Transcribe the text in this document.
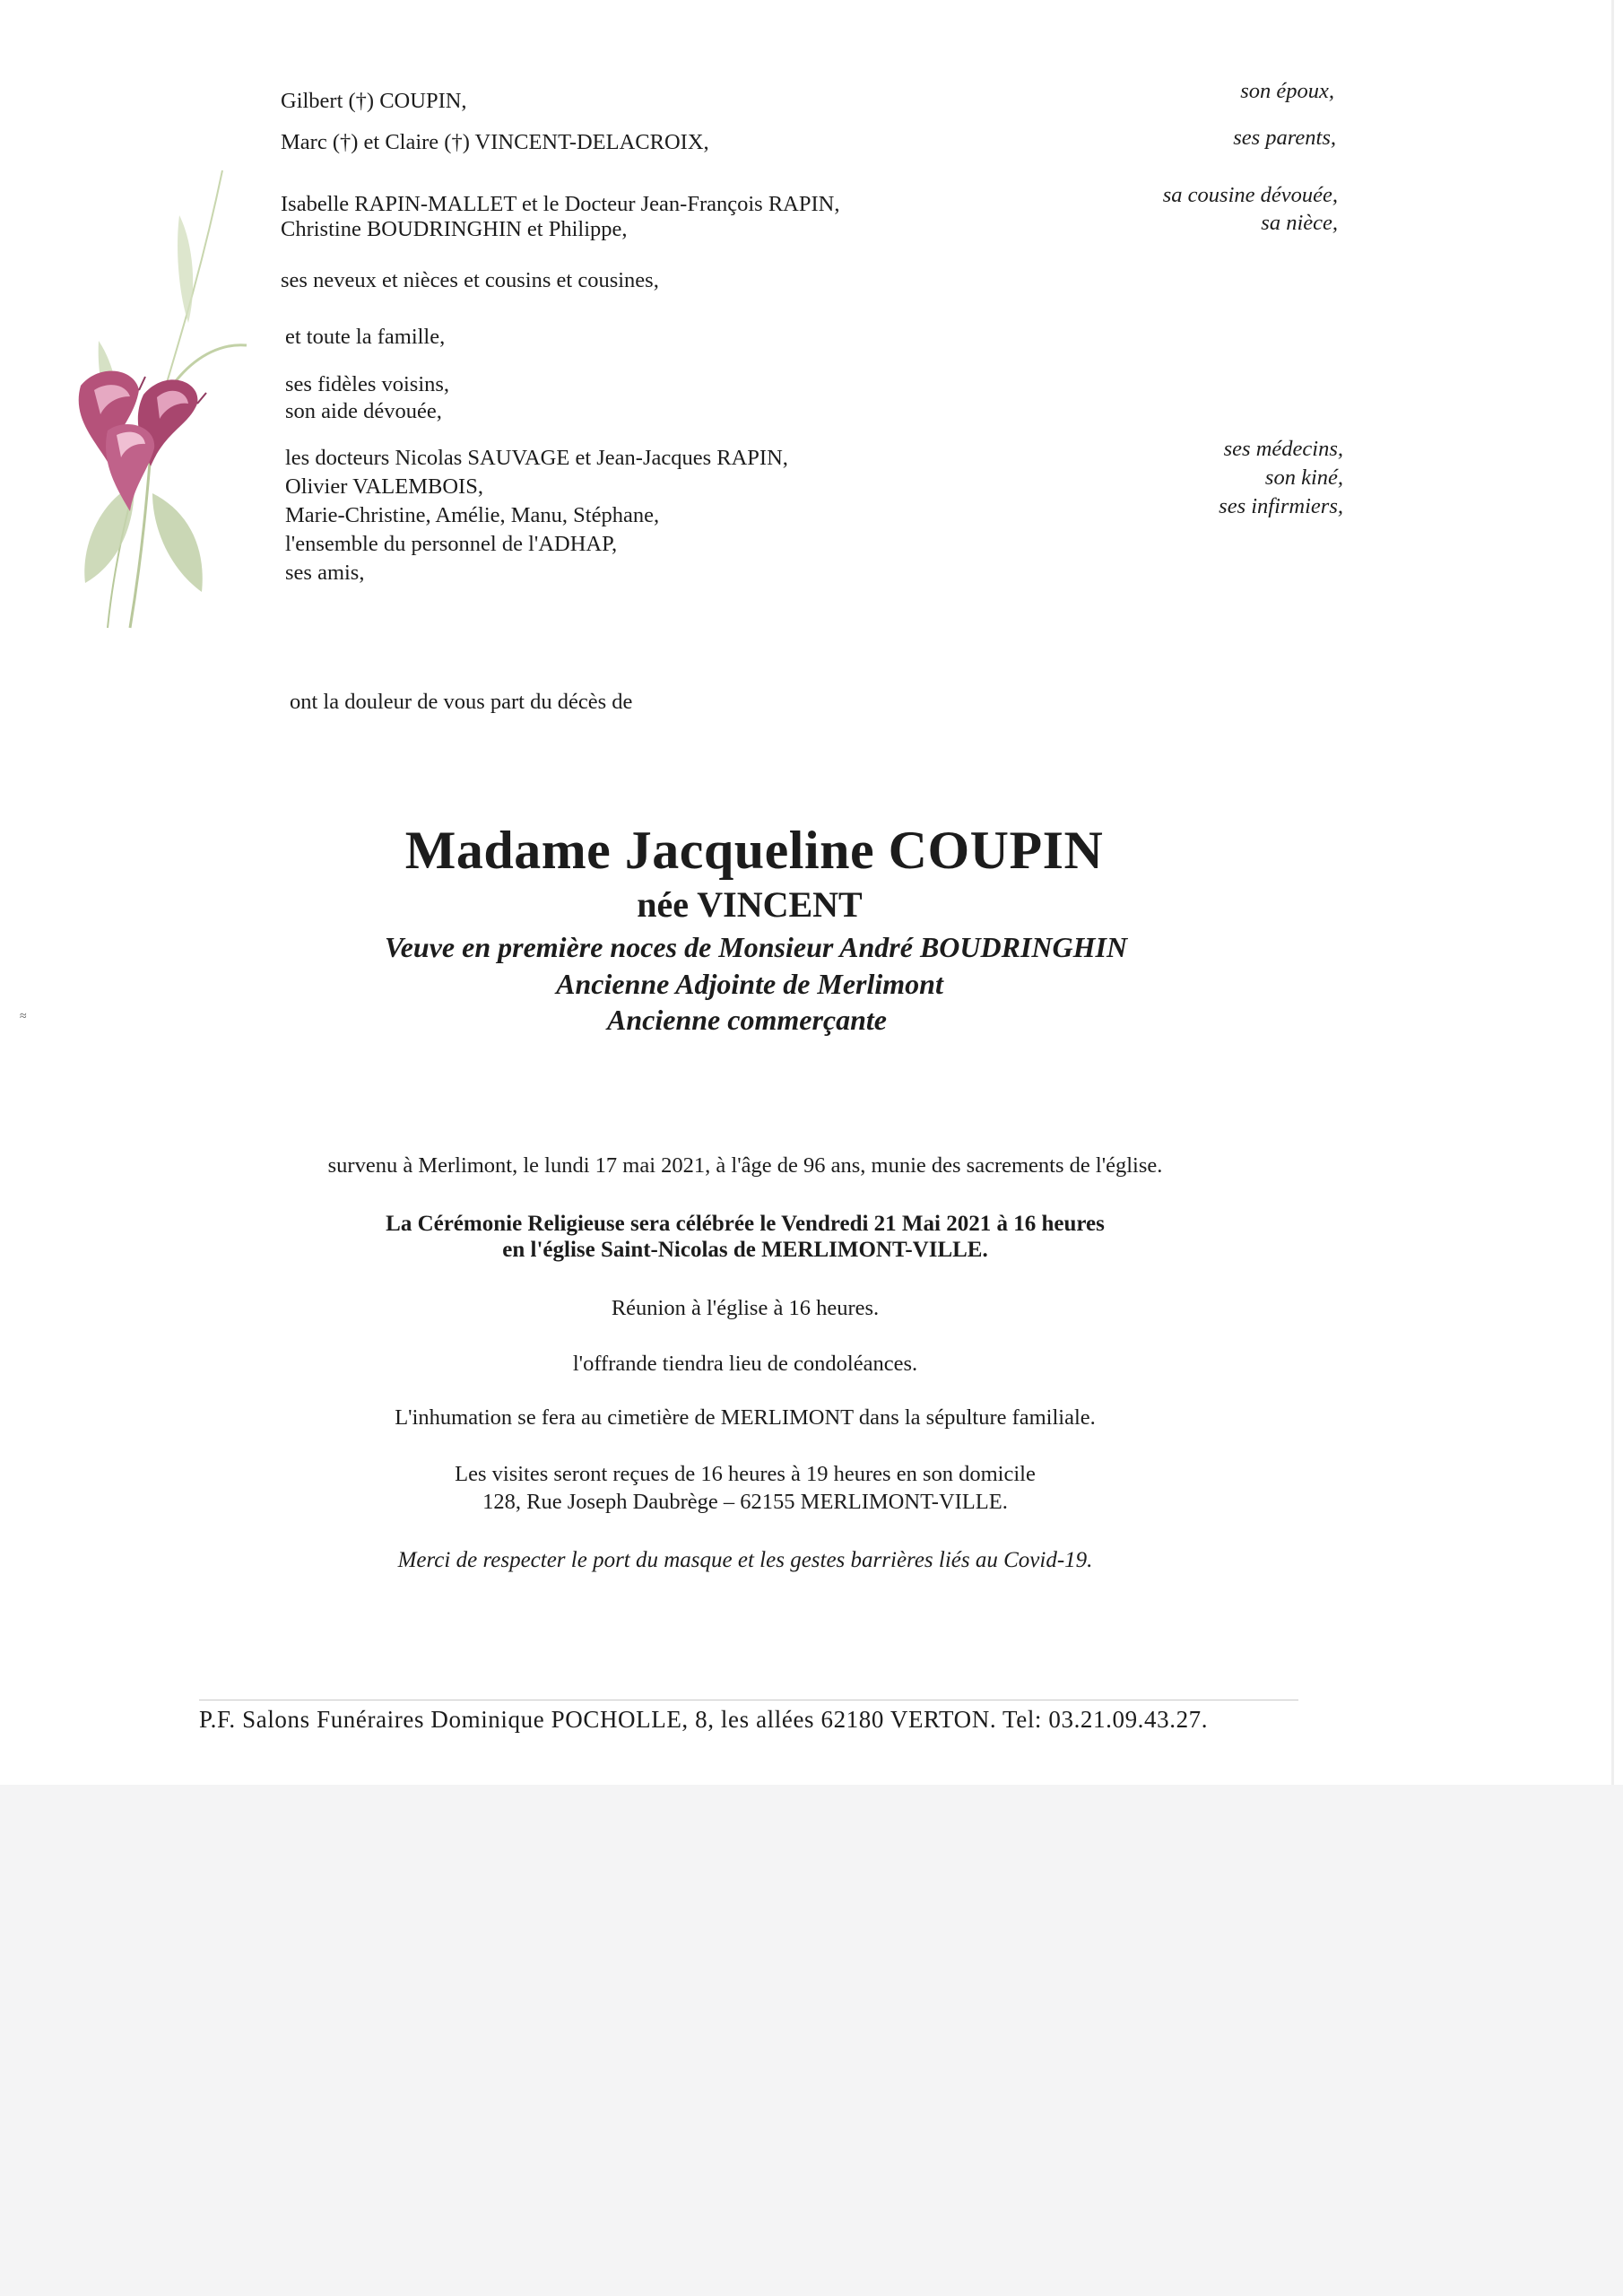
Gilbert (†) COUPIN,
Marc (†) et Claire (†) VINCENT-DELACROIX,
Isabelle RAPIN-MALLET et le Docteur Jean-François RAPIN,
Christine BOUDRINGHIN et Philippe,
ses neveux et nièces et cousins et cousines,
et toute la famille,
ses fidèles voisins,
son aide dévouée,
les docteurs Nicolas SAUVAGE et Jean-Jacques RAPIN,
Olivier VALEMBOIS,
Marie-Christine, Amélie, Manu, Stéphane,
l'ensemble du personnel de l'ADHAP,
ses amis,
son époux,
ses parents,
sa cousine dévouée,
sa nièce,
ses médecins,
son kiné,
ses infirmiers,
ont la douleur de vous part du décès de
Madame Jacqueline COUPIN
née VINCENT
Veuve en première noces de Monsieur André BOUDRINGHIN
Ancienne Adjointe de Merlimont
Ancienne commerçante
≈
survenu à Merlimont, le lundi 17 mai 2021, à l'âge de 96 ans, munie des sacrements de l'église.
La Cérémonie Religieuse sera célébrée le Vendredi 21 Mai 2021 à 16 heures
en l'église Saint-Nicolas de MERLIMONT-VILLE.
Réunion à l'église à 16 heures.
l'offrande tiendra lieu de condoléances.
L'inhumation se fera au cimetière de MERLIMONT dans la sépulture familiale.
Les visites seront reçues de 16 heures à 19 heures en son domicile
128, Rue Joseph Daubrège – 62155 MERLIMONT-VILLE.
Merci de respecter le port du masque et les gestes barrières liés au Covid-19.
P.F. Salons Funéraires Dominique POCHOLLE, 8, les allées 62180 VERTON. Tel: 03.21.09.43.27.
